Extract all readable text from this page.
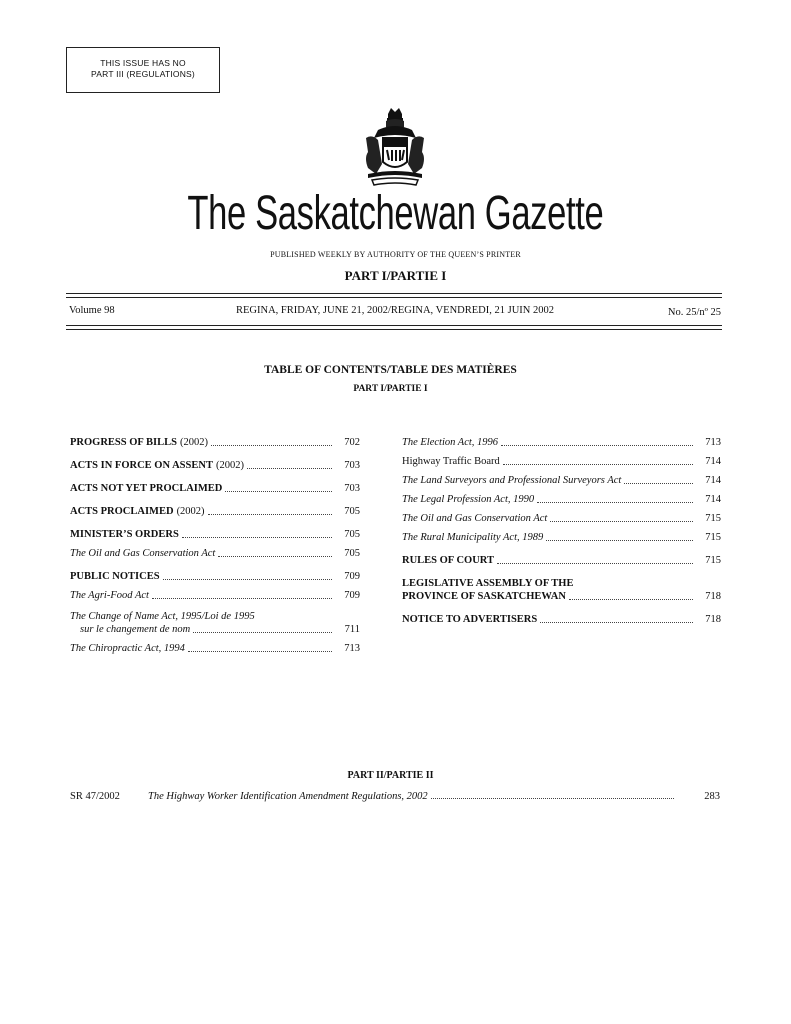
THIS ISSUE HAS NO
PART III (REGULATIONS)
The Saskatchewan Gazette
PUBLISHED WEEKLY BY AUTHORITY OF THE QUEEN’S PRINTER
PART I/PARTIE I
Volume 98	REGINA, FRIDAY, JUNE 21, 2002/REGINA, VENDREDI, 21 JUIN 2002	No. 25/nº 25
TABLE OF CONTENTS/TABLE DES MATIÈRES
PART I/PARTIE I
PROGRESS OF BILLS (2002)	702
ACTS IN FORCE ON ASSENT (2002)	703
ACTS NOT YET PROCLAIMED	703
ACTS PROCLAIMED (2002)	705
MINISTER’S ORDERS	705
The Oil and Gas Conservation Act	705
PUBLIC NOTICES	709
The Agri-Food Act	709
The Change of Name Act, 1995/Loi de 1995
sur le changement de nom	711
The Chiropractic Act, 1994	713
The Election Act, 1996	713
Highway Traffic Board	714
The Land Surveyors and Professional Surveyors Act	714
The Legal Profession Act, 1990	714
The Oil and Gas Conservation Act	715
The Rural Municipality Act, 1989	715
RULES OF COURT	715
LEGISLATIVE ASSEMBLY OF THE
PROVINCE OF SASKATCHEWAN	718
NOTICE TO ADVERTISERS	718
PART II/PARTIE II
SR 47/2002	The Highway Worker Identification Amendment Regulations, 2002	283
